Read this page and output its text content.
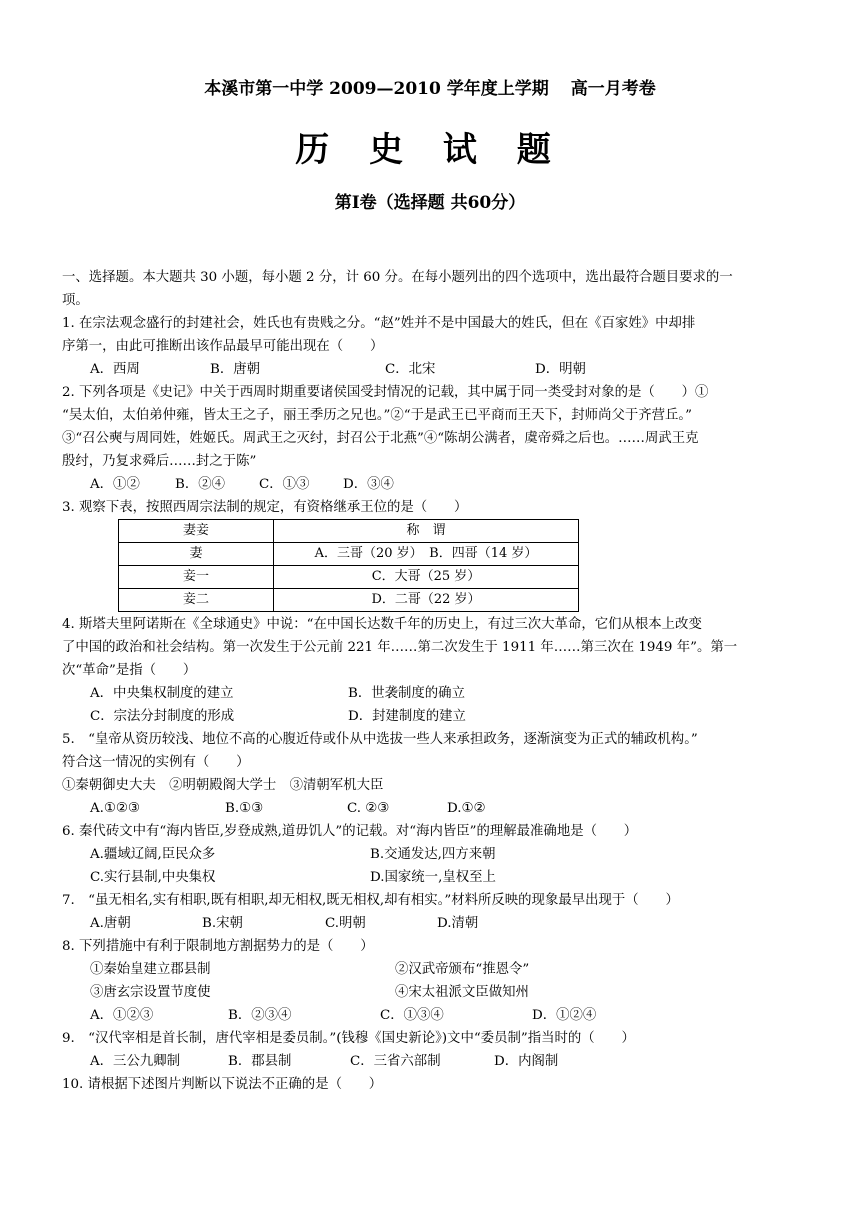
本溪市第一中学 2009—2010 学年度上学期 高一月考卷
历 史 试 题
第Ⅰ卷（选择题 共60分）
一、选择题。本大题共 30 小题，每小题 2 分，计 60 分。在每小题列出的四个选项中，选出最符合题目要求的一
项。
1. 在宗法观念盛行的封建社会，姓氏也有贵贱之分。“赵”姓并不是中国最大的姓氏，但在《百家姓》中却排
序第一，由此可推断出该作品最早可能出现在（　　）
A．西周	B．唐朝	C．北宋	D．明朝
2. 下列各项是《史记》中关于西周时期重要诸侯国受封情况的记载，其中属于同一类受封对象的是（　　）①
“吴太伯，太伯弟仲雍，皆太王之子，丽王季历之兄也。”②“于是武王已平商而王天下，封师尚父于齐营丘。”
③“召公奭与周同姓，姓姬氏。周武王之灭纣，封召公于北燕”④“陈胡公满者，虞帝舜之后也。……周武王克
殷纣，乃复求舜后……封之于陈”
A．①②	B．②④	C．①③	D．③④
3. 观察下表，按照西周宗法制的规定，有资格继承王位的是（　　）
妻妾	称　谓
妻	A．三哥（20 岁）　B．四哥（14 岁）
妾一	C．大哥（25 岁）
妾二	D．二哥（22 岁）
4. 斯塔夫里阿诺斯在《全球通史》中说：“在中国长达数千年的历史上，有过三次大革命，它们从根本上改变
了中国的政治和社会结构。第一次发生于公元前 221 年……第二次发生于 1911 年……第三次在 1949 年”。第一
次“革命”是指（　　）
A．中央集权制度的建立	B．世袭制度的确立
C．宗法分封制度的形成	D．封建制度的建立
5.　“皇帝从资历较浅、地位不高的心腹近侍或仆从中选拔一些人来承担政务，逐渐演变为正式的辅政机构。”
符合这一情况的实例有（　　）
①秦朝御史大夫　②明朝殿阁大学士　③清朝军机大臣
A.①②③	B.①③	C. ②③	D.①②
6. 秦代砖文中有“海内皆臣,岁登成熟,道毋饥人”的记载。对“海内皆臣”的理解最准确地是（　　）
A.疆域辽阔,臣民众多	B.交通发达,四方来朝
C.实行县制,中央集权	D.国家统一,皇权至上
7.　“虽无相名,实有相职,既有相职,却无相权,既无相权,却有相实。”材料所反映的现象最早出现于（　　）
A.唐朝	B.宋朝	C.明朝	D.清朝
8. 下列措施中有利于限制地方割据势力的是（　　）
①秦始皇建立郡县制	②汉武帝颁布“推恩令”
③唐玄宗设置节度使	④宋太祖派文臣做知州
A．①②③	B．②③④	C．①③④	D．①②④
9.　“汉代宰相是首长制，唐代宰相是委员制。”(钱穆《国史新论》)文中“委员制”指当时的（　　）
A．三公九卿制	B．郡县制	C．三省六部制	D．内阁制
10. 请根据下述图片判断以下说法不正确的是（　　）
